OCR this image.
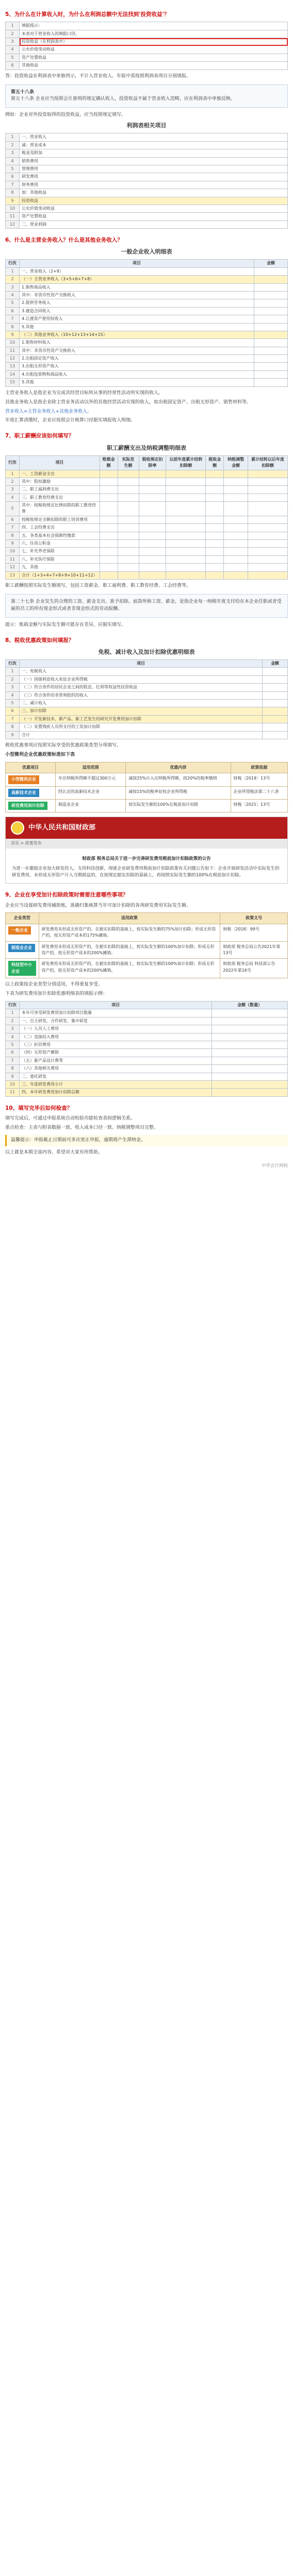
5、为什么在计算收入时，为什么在利润总额中无法找到'投资收益'？
1	填报提示：
2	本表对于营业收入的填报口径。
3	投资收益（在利润表中）
4	公允价值变动收益
5	资产处置收益
6	其他收益
答：投资收益在利润表中单独列示，不计入营业收入。年报中需按照利润表项目分别填报。
第五十八条
第五十八条 企业应当按照会计准则的规定确认收入，投资收益不属于营业收入范畴，应在利润表中单独反映。
例如：企业对外投资取得的投资收益，应当按照规定填写。
利润表相关项目
1	一、营业收入
2	减：营业成本
3	税金及附加
4	销售费用
5	管理费用
6	研发费用
7	财务费用
8	加：其他收益
9	投资收益
10	公允价值变动收益
11	资产处置收益
12	二、营业利润
6、什么是主营业务收入？什么是其他业务收入？
一般企业收入明细表
行次	项目	金额
1	一、营业收入（2+9）	
2	（一）主营业务收入（3+5+6+7+8）	
3	1.销售商品收入	
4	其中：非货币性资产交换收入	
5	2.提供劳务收入	
6	3.建造合同收入	
7	4.让渡资产使用权收入	
8	5.其他	
9	（二）其他业务收入（10+12+13+14+15）	
10	1.销售材料收入	
11	其中：非货币性资产交换收入	
12	2.出租固定资产收入	
13	3.出租无形资产收入	
14	4.出租包装物和商品收入	
15	5.其他	
主营业务收入是指企业为完成其经营目标所从事的经常性活动所实现的收入。
其他业务收入是指企业除主营业务活动以外的其他经营活动实现的收入，如出租固定资产、出租无形资产、销售材料等。
营业收入=主营业务收入+其他业务收入。
年度汇算清缴时，企业应按照会计核算口径据实填报收入明细。
7、职工薪酬应该如何填写？
职工薪酬支出及纳税调整明细表
行次	项目	账载金额	实际发生额	税收规定扣除率	以前年度累计结转扣除额	税收金额	纳税调整金额	累计结转以后年度扣除额
1	一、工资薪金支出							
2	其中：股权激励							
3	二、职工福利费支出							
4	三、职工教育经费支出							
5	其中：按税收规定比例扣除的职工教育经费							
6	按税收规定全额扣除的职工培训费用							
7	四、工会经费支出							
8	五、各类基本社会保障性缴款							
9	六、住房公积金							
10	七、补充养老保险							
11	八、补充医疗保险							
12	九、其他							
13	合计（1+3+4+7+8+9+10+11+12）							
职工薪酬按照实际发生额填写，包括工资薪金、职工福利费、职工教育经费、工会经费等。
第二十七条 企业发生的合理的工资、薪金支出，准予扣除。前款所称工资、薪金，是指企业每一纳税年度支付给在本企业任职或者受雇的员工的所有现金形式或者非现金形式的劳动报酬。
提示：账载金额与实际发生额可能存在差异，应据实填写。
8、税收优惠政策如何填报？
免税、减计收入及加计扣除优惠明细表
行次	项目	金额
1	一、免税收入	
2	（一）国债利息收入免征企业所得税	
3	（二）符合条件的居民企业之间的股息、红利等权益性投资收益	
4	（三）符合条件的非营利组织的收入	
5	二、减计收入	
6	三、加计扣除	
7	（一）开发新技术、新产品、新工艺发生的研究开发费用加计扣除	
8	（二）安置残疾人员所支付的工资加计扣除	
9	合计	
税收优惠事项应按照实际享受的优惠政策类型分项填写。
小型微利企业优惠政策标准如下表
优惠项目	适用范围	优惠内容	政策依据
小型微利企业	年应纳税所得额不超过300万元	减按25%计入应纳税所得额，按20%的税率缴纳	财税〔2019〕13号
高新技术企业	经认定的高新技术企业	减按15%的税率征收企业所得税	企业所得税法第二十八条
研发费用加计扣除	制造业企业	按实际发生额的100%在税前加计扣除	财税〔2021〕13号
中华人民共和国财政部
首页 > 政策发布
财政部 税务总局关于进一步完善研发费用税前加计扣除政策的公告
为进一步激励企业加大研发投入，支持科技创新，现就企业研发费用税前加计扣除政策有关问题公告如下：企业开展研发活动中实际发生的研发费用，未形成无形资产计入当期损益的，在按规定据实扣除的基础上，再按照实际发生额的100%在税前加计扣除。
9、企业在享受加计扣除政策时需要注意哪些事项？
企业应当设置研发费用辅助账，准确归集核算当年可加计扣除的各项研发费用实际发生额。
企业类型	适用政策	政策文号
一般企业	研发费用未形成无形资产的，在据实扣除的基础上，按实际发生额的75%加计扣除；形成无形资产的，按无形资产成本的175%摊销。	财税〔2018〕99号
制造业企业	研发费用未形成无形资产的，在据实扣除的基础上，按实际发生额的100%加计扣除；形成无形资产的，按无形资产成本的200%摊销。	财政部 税务总局公告2021年第13号
科技型中小企业	研发费用未形成无形资产的，在据实扣除的基础上，按实际发生额的100%加计扣除；形成无形资产的，按无形资产成本的200%摊销。	财政部 税务总局 科技部公告2022年第16号
以上政策按企业类型分别适用，不得重复享受。
下表为研发费用加计扣除优惠明细表的填报示例：
行次	项目	金额（数量）
1	本年可享受研发费用加计扣除项目数量	
2	一、自主研发、合作研发、集中研发	
3	（一）人员人工费用	
4	（二）直接投入费用	
5	（三）折旧费用	
6	（四）无形资产摊销	
7	（五）新产品设计费等	
8	（六）其他相关费用	
9	二、委托研发	
10	三、年度研发费用小计	
11	四、本年研发费用加计扣除总额	
10、填写完毕后如何检查？
填写完成后，可通过申报系统自动校验功能检查表间逻辑关系。
重点检查：主表与附表数据一致、收入成本口径一致、纳税调整项目完整。
温馨提示：申报截止日期前可多次更正申报，逾期将产生滞纳金。
以上就是本期全部内容，希望对大家有所帮助。
中华会计网校
